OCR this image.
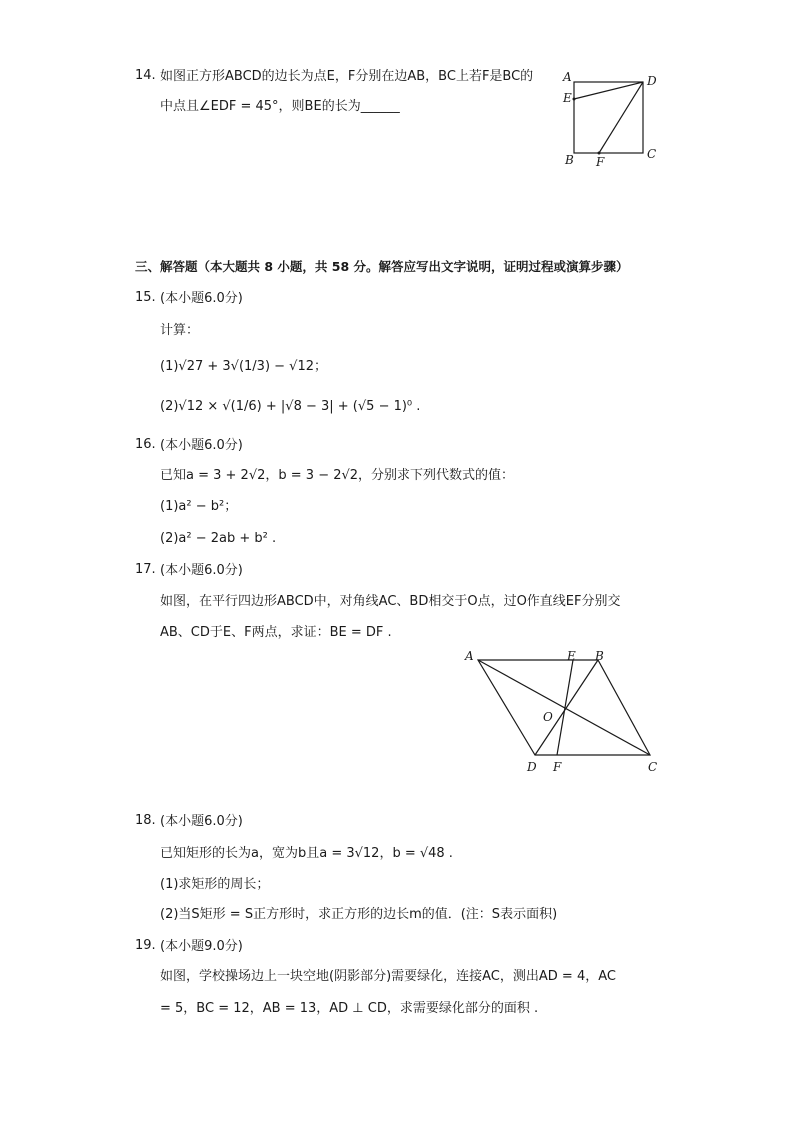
14. 如图正方形ABCD的边长为点E，F分别在边AB，BC上若F是BC的
中点且∠EDF = 45°，则BE的长为______
A	D
E
B F
C
三、解答题（本大题共 8 小题，共 58 分。解答应写出文字说明，证明过程或演算步骤）
15. (本小题6.0分)
计算：
(1)√27 + 3√(1/3) − √12；
(2)√12 × √(1/6) + |√8 − 3| + (√5 − 1)⁰ .
16. (本小题6.0分)
已知a = 3 + 2√2，b = 3 − 2√2，分别求下列代数式的值：
(1)a² − b²；
(2)a² − 2ab + b² .
17. (本小题6.0分)
如图，在平行四边形ABCD中，对角线AC、BD相交于O点，过O作直线EF分别交
AB、CD于E、F两点，求证：BE = DF .
A	E B
O
D F	C
18. (本小题6.0分)
已知矩形的长为a，宽为b且a = 3√12，b = √48 .
(1)求矩形的周长；
(2)当S矩形 = S正方形时，求正方形的边长m的值．(注：S表示面积)
19. (本小题9.0分)
如图，学校操场边上一块空地(阴影部分)需要绿化，连接AC，测出AD = 4，AC
= 5，BC = 12，AB = 13，AD ⊥ CD，求需要绿化部分的面积 .
